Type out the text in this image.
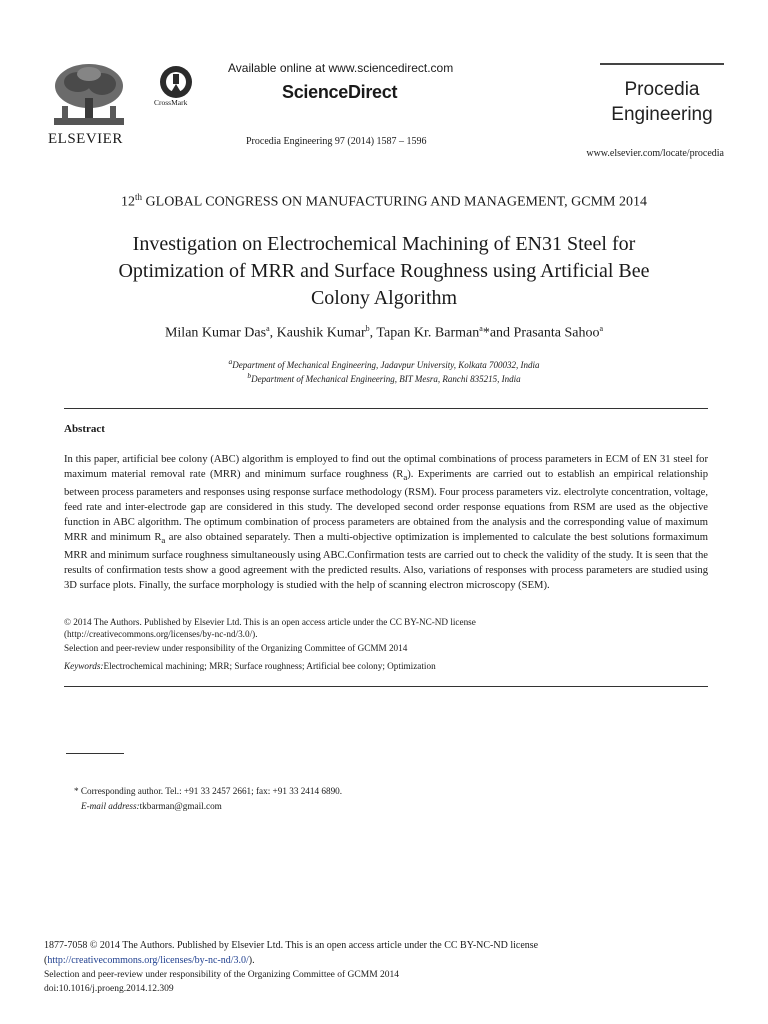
ELSEVIER
CrossMark
Available online at www.sciencedirect.com
ScienceDirect
Procedia Engineering 97 (2014) 1587 – 1596
Procedia
Engineering
www.elsevier.com/locate/procedia
12th GLOBAL CONGRESS ON MANUFACTURING AND MANAGEMENT, GCMM 2014
Investigation on Electrochemical Machining of EN31 Steel for
Optimization of MRR and Surface Roughness using Artificial Bee
Colony Algorithm
Milan Kumar Das$^a$, Kaushik Kumar$^b$, Tapan Kr. Barman$^a$*and Prasanta Sahoo$^a$
$^a$Department of Mechanical Engineering, Jadavpur University, Kolkata 700032, India
$^b$Department of Mechanical Engineering, BIT Mesra, Ranchi 835215, India
Abstract
In this paper, artificial bee colony (ABC) algorithm is employed to find out the optimal combinations of process parameters in ECM of EN 31 steel for maximum material removal rate (MRR) and minimum surface roughness $(R_a)$. Experiments are carried out to establish an empirical relationship between process parameters and responses using response surface methodology (RSM). Four process parameters viz. electrolyte concentration, voltage, feed rate and inter-electrode gap are considered in this study. The developed second order response equations from RSM are used as the objective function in ABC algorithm. The optimum combination of process parameters are obtained from the analysis and the corresponding value of maximum MRR and minimum $R_a$ are also obtained separately. Then a multi-objective optimization is implemented to calculate the best solutions formaximum MRR and minimum surface roughness simultaneously using ABC.Confirmation tests are carried out to check the validity of the study. It is seen that the results of confirmation tests show a good agreement with the predicted results. Also, variations of responses with process parameters are studied using 3D surface plots. Finally, the surface morphology is studied with the help of scanning electron microscopy (SEM).
© 2014 The Authors. Published by Elsevier Ltd. This is an open access article under the CC BY-NC-ND license
(http://creativecommons.org/licenses/by-nc-nd/3.0/).
Selection and peer-review under responsibility of the Organizing Committee of GCMM 2014
Keywords:Electrochemical machining; MRR; Surface roughness; Artificial bee colony; Optimization
* Corresponding author. Tel.: +91 33 2457 2661; fax: +91 33 2414 6890.
E-mail address:tkbarman@gmail.com
1877-7058 © 2014 The Authors. Published by Elsevier Ltd. This is an open access article under the CC BY-NC-ND license
(http://creativecommons.org/licenses/by-nc-nd/3.0/).
Selection and peer-review under responsibility of the Organizing Committee of GCMM 2014
doi:10.1016/j.proeng.2014.12.309
